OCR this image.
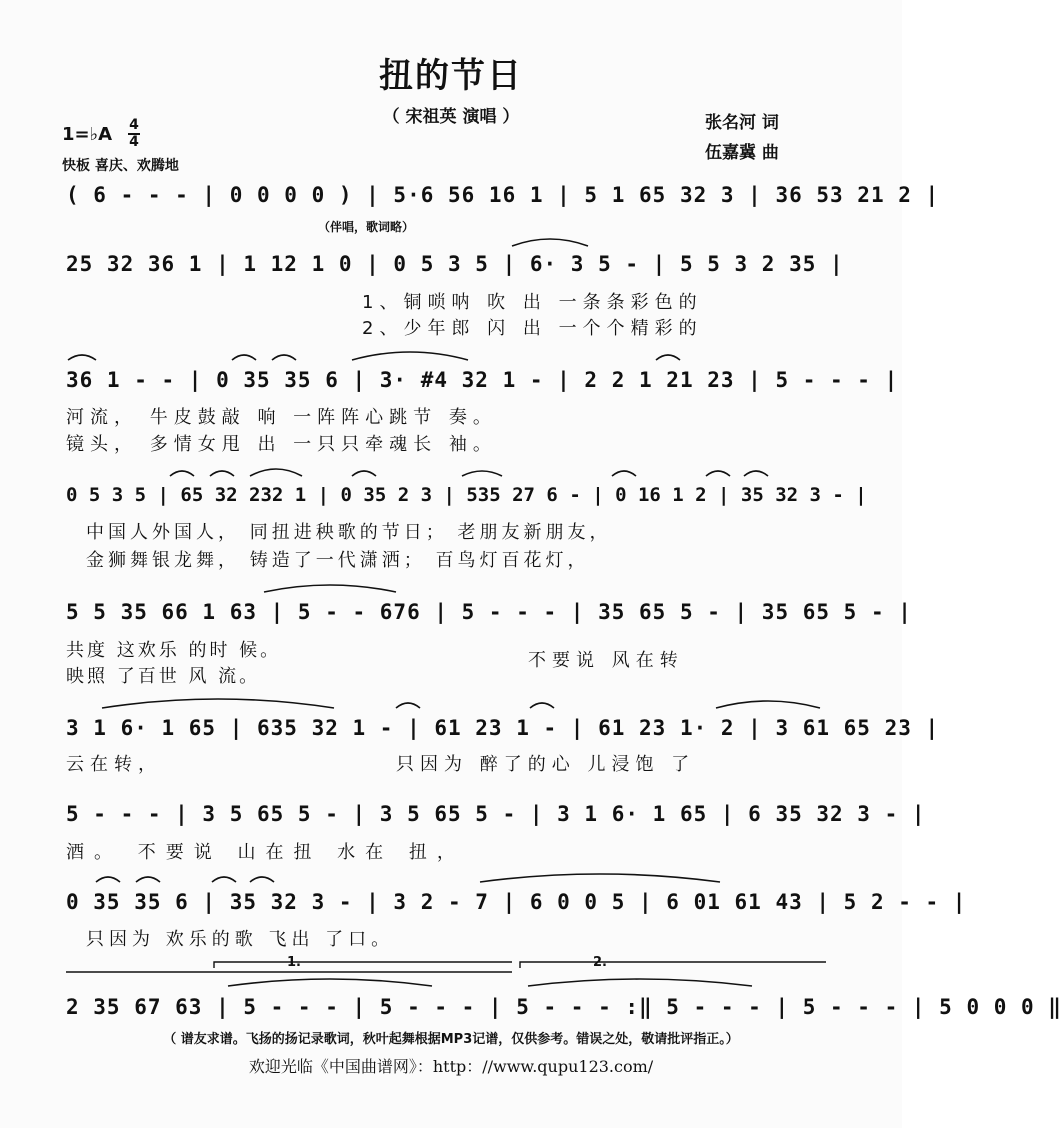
扭的节日
（ 宋祖英 演唱 ）	张名河 词
伍嘉冀 曲
1=♭A 4
4
快板 喜庆、欢腾地
( 6 - - - | 0 0 0 0 ) | 5·6 56 16 1 | 5 1 65 32 3 | 36 53 21 2 |
（伴唱，歌词略）
25 32 36 1 | 1 12 1 0 | 0 5 3 5 | 6· 3 5 - | 5 5 3 2 35 |
1、铜唢呐 吹 出 一条条彩色的
2、少年郎 闪 出 一个个精彩的
36 1 - - | 0 35 35 6 | 3· #4 32 1 - | 2 2 1 21 23 | 5 - - - |
河流， 牛皮鼓敲 响 一阵阵心跳节 奏。
镜头， 多情女甩 出 一只只牵魂长 袖。
0 5 3 5 | 65 32 232 1 | 0 35 2 3 | 535 27 6 - | 0 16 1 2 | 35 32 3 - |
中国人外国人， 同扭进秧歌的节日； 老朋友新朋友，
金狮舞银龙舞， 铸造了一代潇洒； 百鸟灯百花灯，
5 5 35 66 1 63 | 5 - - 676 | 5 - - - | 35 65 5 - | 35 65 5 - |
共度 这欢乐 的时 候。
映照 了百世 风 流。
不要说 风在转
3 1 6· 1 65 | 635 32 1 - | 61 23 1 - | 61 23 1· 2 | 3 61 65 23 |
云在转，	只因为 醉了的心 儿浸饱 了
5 - - - | 3 5 65 5 - | 3 5 65 5 - | 3 1 6· 1 65 | 6 35 32 3 - |
酒。 不要说 山在扭 水在 扭，
0 35 35 6 | 35 32 3 - | 3 2 - 7 | 6 0 0 5 | 6 01 61 43 | 5 2 - - |
只因为 欢乐的歌 飞出 了口。
1.	2.
2 35 67 63 | 5 - - - | 5 - - - | 5 - - - :‖ 5 - - - | 5 - - - | 5 0 0 0 ‖
（ 谱友求谱。飞扬的扬记录歌词，秋叶起舞根据MP3记谱，仅供参考。错误之处，敬请批评指正。）
欢迎光临《中国曲谱网》：http：//www.qupu123.com/
